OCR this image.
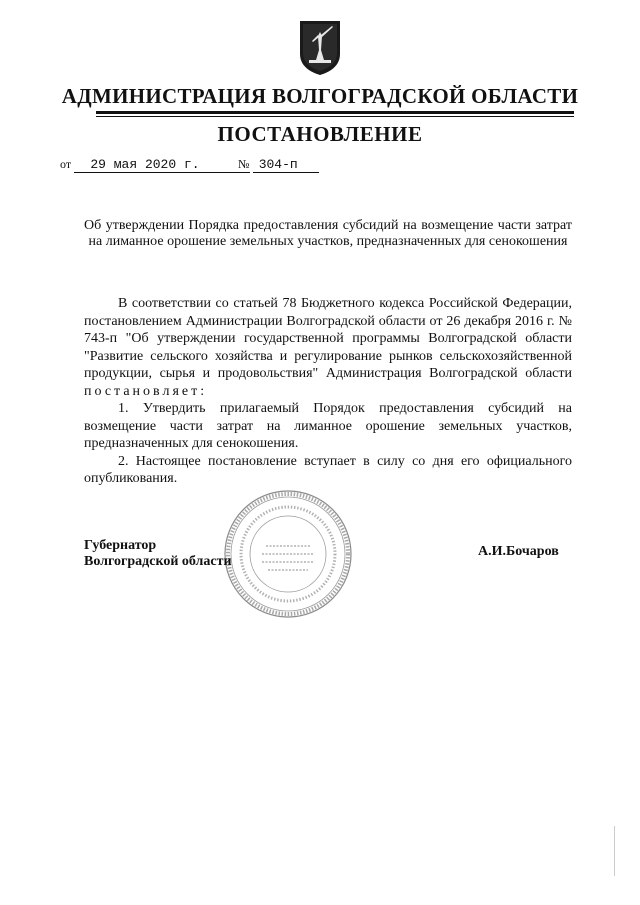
АДМИНИСТРАЦИЯ ВОЛГОГРАДСКОЙ ОБЛАСТИ
ПОСТАНОВЛЕНИЕ
от 29 мая 2020 г.	№ 304-п
Об утверждении Порядка предоставления субсидий на возмещение части затрат на лиманное орошение земельных участков, предназначенных для сенокошения

В соответствии со статьей 78 Бюджетного кодекса Российской Федерации, постановлением Администрации Волгоградской области от 26 декабря 2016 г. № 743-п "Об утверждении государственной программы Волгоградской области "Развитие сельского хозяйства и регулирование рынков сельскохозяйственной продукции, сырья и продовольствия" Администрация Волгоградской области постановляет:

1. Утвердить прилагаемый Порядок предоставления субсидий на возмещение части затрат на лиманное орошение земельных участков, предназначенных для сенокошения.

2. Настоящее постановление вступает в силу со дня его официального опубликования.

Губернатор
Волгоградской области
А.И.Бочаров
